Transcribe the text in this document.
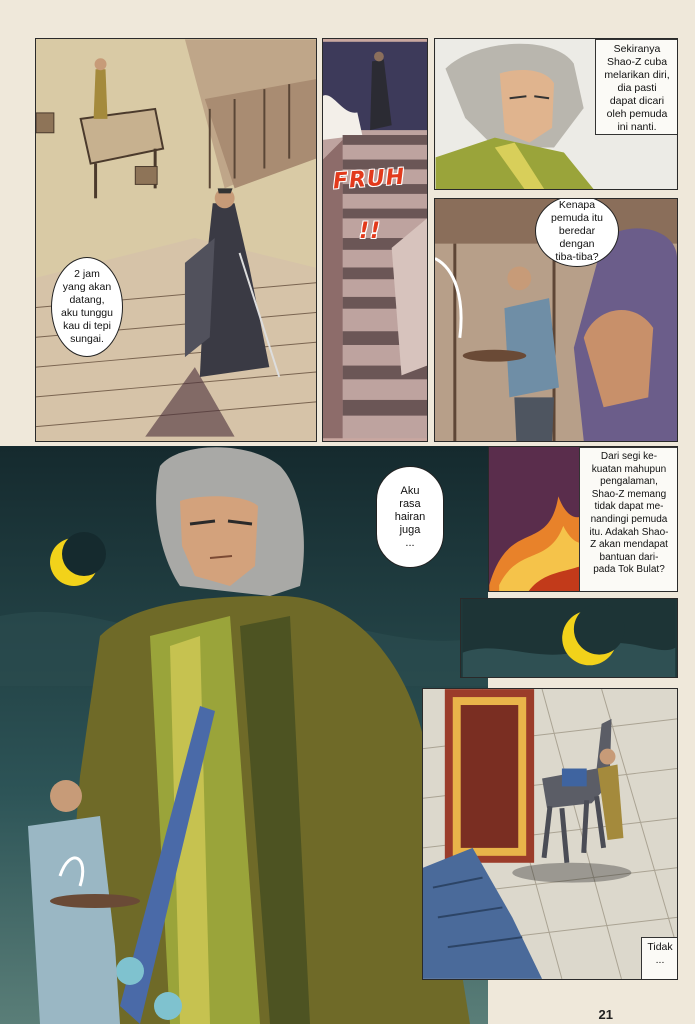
2 jam
yang akan
datang,
aku tunggu
kau di tepi
sungai.
FRUH
!!
Sekiranya
Shao-Z cuba
melarikan diri,
dia pasti
dapat dicari
oleh pemuda
ini nanti.
Kenapa
pemuda itu
beredar dengan
tiba-tiba?
Aku
rasa
hairan
juga
...
Dari segi ke-
kuatan mahupun
pengalaman,
Shao-Z memang
tidak dapat me-
nandingi pemuda
itu. Adakah Shao-
Z akan mendapat
bantuan dari-
pada Tok Bulat?
Tidak
...
21
